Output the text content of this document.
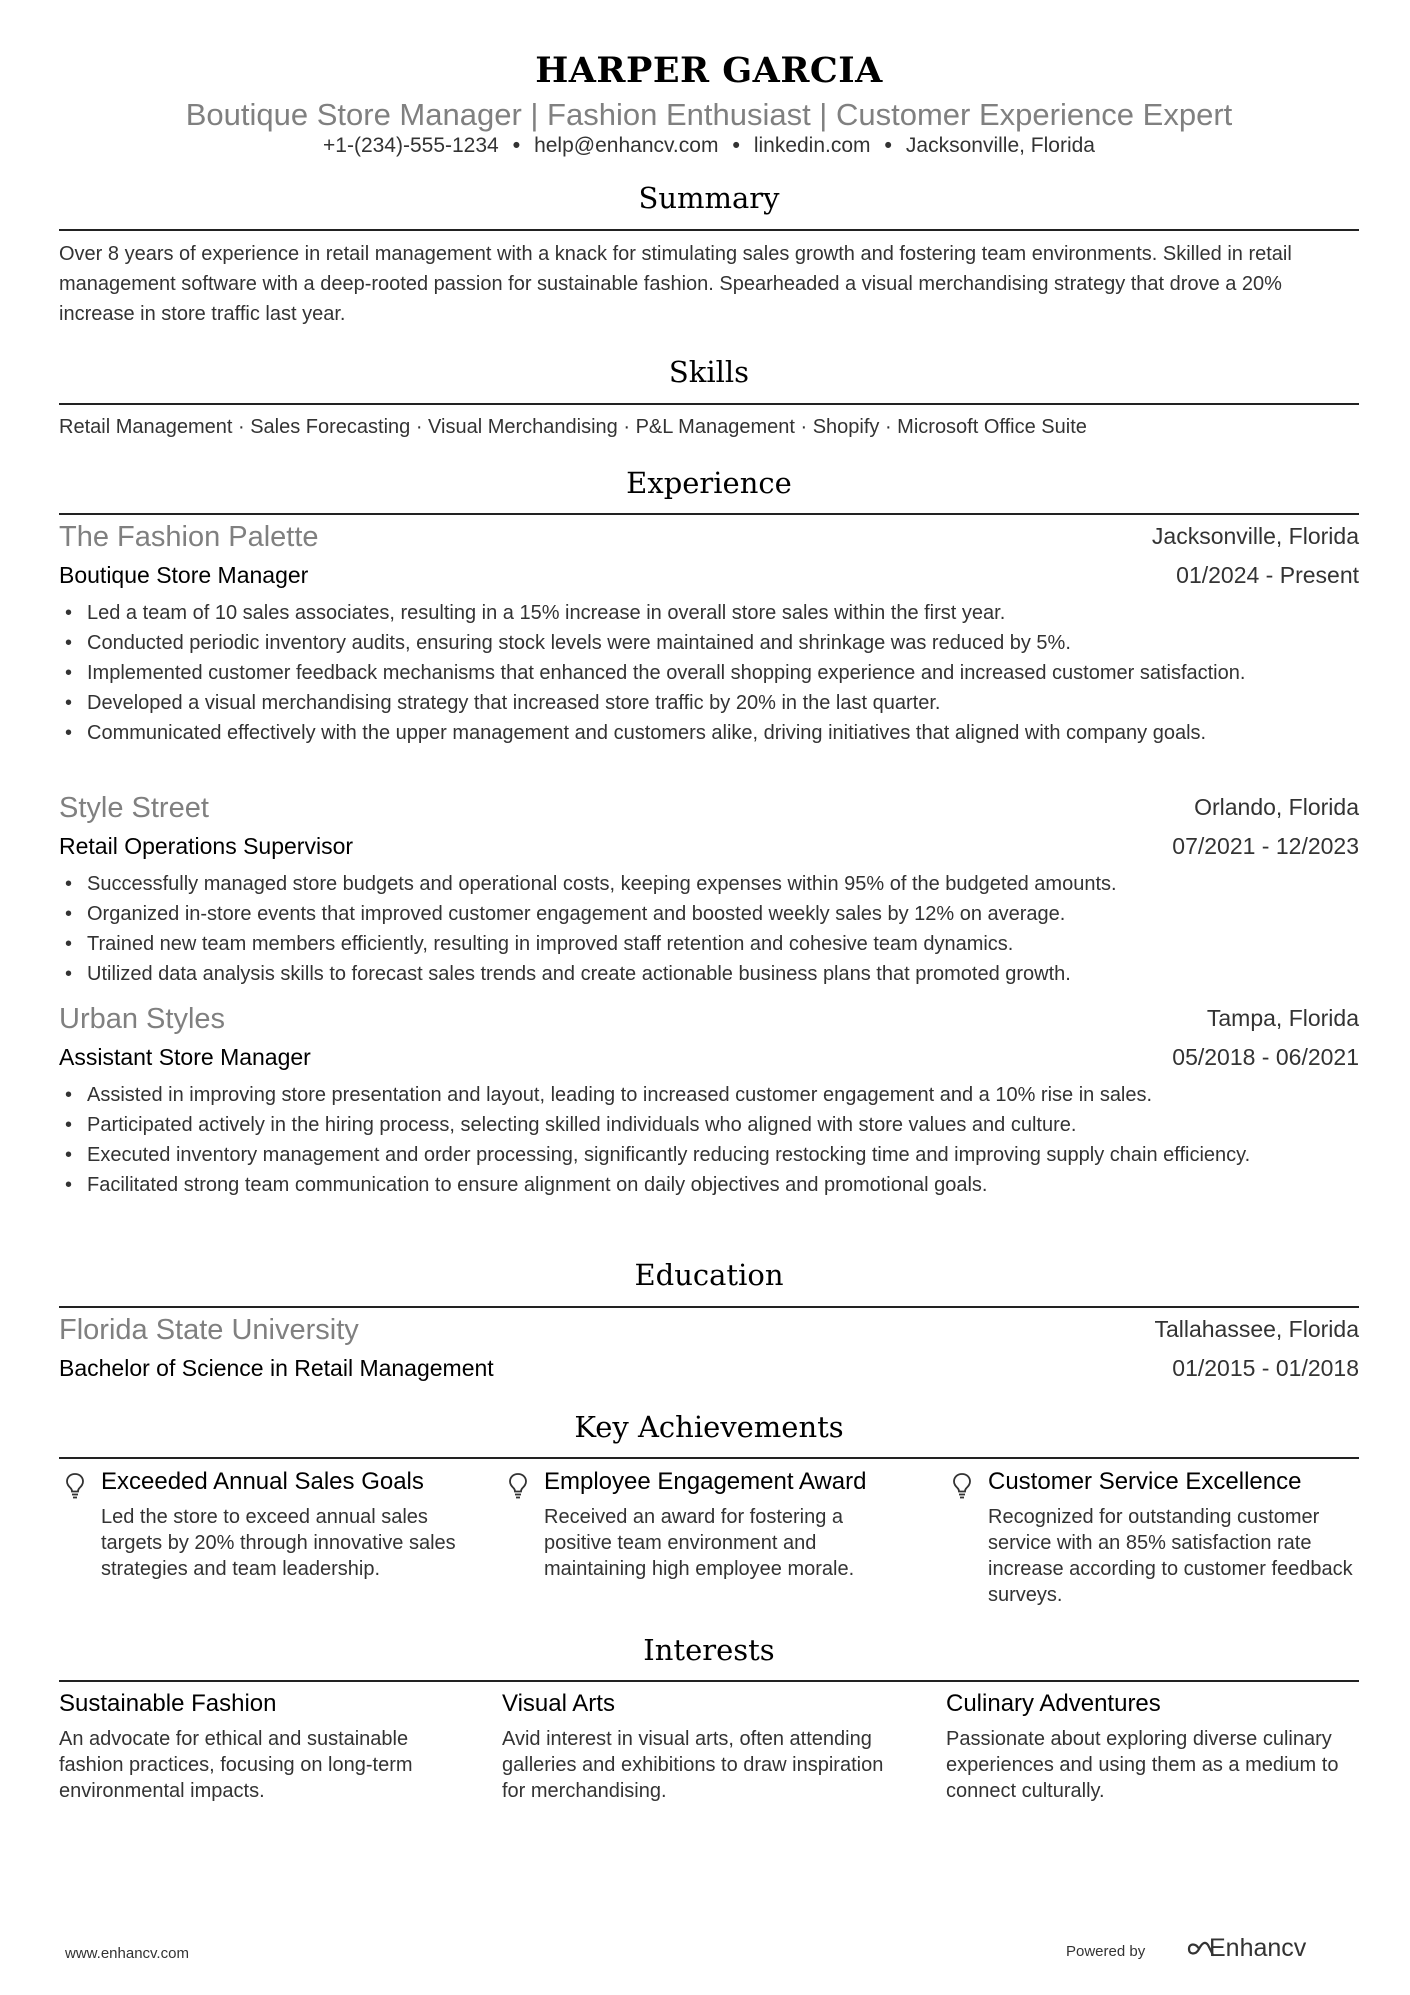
HARPER GARCIA
Boutique Store Manager | Fashion Enthusiast | Customer Experience Expert
+1-(234)-555-1234 • help@enhancv.com • linkedin.com • Jacksonville, Florida
Summary
Over 8 years of experience in retail management with a knack for stimulating sales growth and fostering team environments. Skilled in retail management software with a deep-rooted passion for sustainable fashion. Spearheaded a visual merchandising strategy that drove a 20% increase in store traffic last year.
Skills
Retail Management · Sales Forecasting · Visual Merchandising · P&L Management · Shopify · Microsoft Office Suite
Experience
The Fashion Palette	Jacksonville, Florida
Boutique Store Manager	01/2024 - Present
• Led a team of 10 sales associates, resulting in a 15% increase in overall store sales within the first year.
• Conducted periodic inventory audits, ensuring stock levels were maintained and shrinkage was reduced by 5%.
• Implemented customer feedback mechanisms that enhanced the overall shopping experience and increased customer satisfaction.
• Developed a visual merchandising strategy that increased store traffic by 20% in the last quarter.
• Communicated effectively with the upper management and customers alike, driving initiatives that aligned with company goals.
Style Street	Orlando, Florida
Retail Operations Supervisor	07/2021 - 12/2023
• Successfully managed store budgets and operational costs, keeping expenses within 95% of the budgeted amounts.
• Organized in-store events that improved customer engagement and boosted weekly sales by 12% on average.
• Trained new team members efficiently, resulting in improved staff retention and cohesive team dynamics.
• Utilized data analysis skills to forecast sales trends and create actionable business plans that promoted growth.
Urban Styles	Tampa, Florida
Assistant Store Manager	05/2018 - 06/2021
• Assisted in improving store presentation and layout, leading to increased customer engagement and a 10% rise in sales.
• Participated actively in the hiring process, selecting skilled individuals who aligned with store values and culture.
• Executed inventory management and order processing, significantly reducing restocking time and improving supply chain efficiency.
• Facilitated strong team communication to ensure alignment on daily objectives and promotional goals.
Education
Florida State University	Tallahassee, Florida
Bachelor of Science in Retail Management	01/2015 - 01/2018
Key Achievements
Exceeded Annual Sales Goals
Led the store to exceed annual sales targets by 20% through innovative sales strategies and team leadership.
Employee Engagement Award
Received an award for fostering a positive team environment and maintaining high employee morale.
Customer Service Excellence
Recognized for outstanding customer service with an 85% satisfaction rate increase according to customer feedback surveys.
Interests
Sustainable Fashion
An advocate for ethical and sustainable fashion practices, focusing on long-term environmental impacts.
Visual Arts
Avid interest in visual arts, often attending galleries and exhibitions to draw inspiration for merchandising.
Culinary Adventures
Passionate about exploring diverse culinary experiences and using them as a medium to connect culturally.
www.enhancv.com	Powered by	Enhancv
